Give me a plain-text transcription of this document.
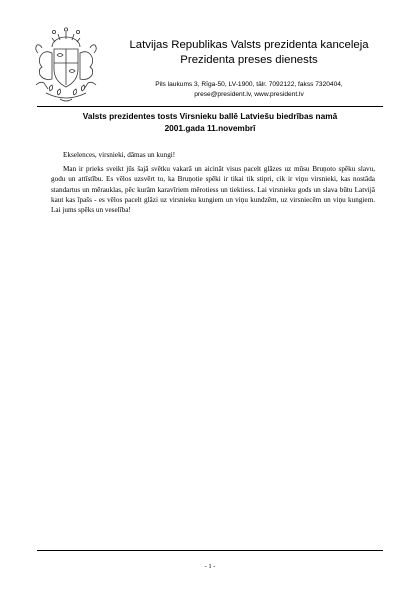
Latvijas Republikas Valsts prezidenta kanceleja
Prezidenta preses dienests
Pils laukums 3, Rīga-50, LV-1900, tālr. 7092122, fakss 7320404,
prese@president.lv, www.president.lv
Valsts prezidentes tosts Virsnieku ballē Latviešu biedrības namā
2001.gada 11.novembrī

Ekselences, virsnieki, dāmas un kungi!

Man ir prieks sveikt jūs šajā svētku vakarā un aicināt visus pacelt glāzes uz mūsu Bruņoto spēku slavu, godu un attīstību. Es vēlos uzsvērt to, ka Bruņotie spēki ir tikai tik stipri, cik ir viņu virsnieki, kas nostāda standartus un mērauklas, pēc kurām karavīriem mērotiess un tiektiess. Lai virsnieku gods un slava būtu Latvijā kaut kas īpašs - es vēlos pacelt glāzi uz virsnieku kungiem un viņu kundzēm, uz virsniecēm un viņu kungiem. Lai jums spēks un veselība!

- 1 -
